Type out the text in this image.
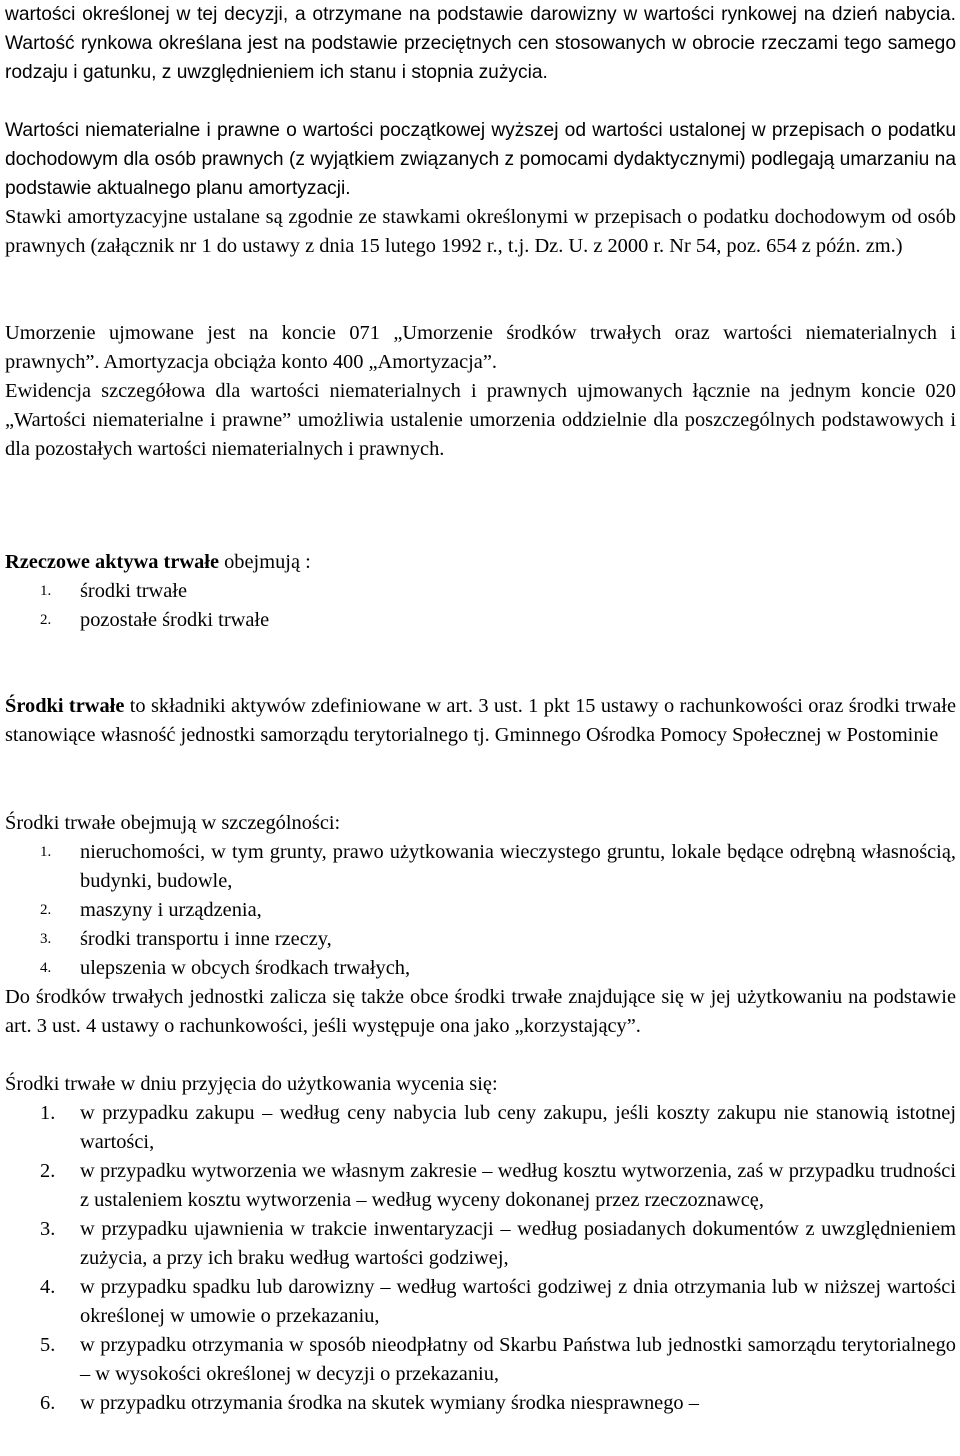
wartości określonej w tej decyzji, a otrzymane na podstawie darowizny w wartości rynkowej na dzień nabycia. Wartość rynkowa określana jest na podstawie przeciętnych cen stosowanych w obrocie rzeczami tego samego rodzaju i gatunku, z uwzględnieniem ich stanu i stopnia zużycia.

Wartości niematerialne i prawne o wartości początkowej wyższej od wartości ustalonej w przepisach o podatku dochodowym dla osób prawnych (z wyjątkiem związanych z pomocami dydaktycznymi) podlegają umarzaniu na podstawie aktualnego planu amortyzacji.

Stawki amortyzacyjne ustalane są zgodnie ze stawkami określonymi w przepisach o podatku dochodowym od osób prawnych (załącznik nr 1 do ustawy z dnia 15 lutego 1992 r., t.j. Dz. U. z 2000 r. Nr 54, poz. 654 z późn. zm.)

Umorzenie ujmowane jest na koncie 071 „Umorzenie środków trwałych oraz wartości niematerialnych i prawnych”. Amortyzacja obciąża konto 400 „Amortyzacja”.

Ewidencja szczegółowa dla wartości niematerialnych i prawnych ujmowanych łącznie na jednym koncie 020 „Wartości niematerialne i prawne” umożliwia ustalenie umorzenia oddzielnie dla poszczególnych podstawowych i dla pozostałych wartości niematerialnych i prawnych.

Rzeczowe aktywa trwałe obejmują :

1. środki trwałe
2. pozostałe środki trwałe

Środki trwałe to składniki aktywów zdefiniowane w art. 3 ust. 1 pkt 15 ustawy o rachunkowości oraz środki trwałe stanowiące własność jednostki samorządu terytorialnego tj. Gminnego Ośrodka Pomocy Społecznej w Postominie

Środki trwałe obejmują w szczególności:

1. nieruchomości, w tym grunty, prawo użytkowania wieczystego gruntu, lokale będące odrębną własnością, budynki, budowle,
2. maszyny i urządzenia,
3. środki transportu i inne rzeczy,
4. ulepszenia w obcych środkach trwałych,

Do środków trwałych jednostki zalicza się także obce środki trwałe znajdujące się w jej użytkowaniu na podstawie art. 3 ust. 4 ustawy o rachunkowości, jeśli występuje ona jako „korzystający”.

Środki trwałe w dniu przyjęcia do użytkowania wycenia się:

1. w przypadku zakupu – według ceny nabycia lub ceny zakupu, jeśli koszty zakupu nie stanowią istotnej wartości,
2. w przypadku wytworzenia we własnym zakresie – według kosztu wytworzenia, zaś w przypadku trudności z ustaleniem kosztu wytworzenia – według wyceny dokonanej przez rzeczoznawcę,
3. w przypadku ujawnienia w trakcie inwentaryzacji – według posiadanych dokumentów z uwzględnieniem zużycia, a przy ich braku według wartości godziwej,
4. w przypadku spadku lub darowizny – według wartości godziwej z dnia otrzymania lub w niższej wartości określonej w umowie o przekazaniu,
5. w przypadku otrzymania w sposób nieodpłatny od Skarbu Państwa lub jednostki samorządu terytorialnego – w wysokości określonej w decyzji o przekazaniu,
6. w przypadku otrzymania środka na skutek wymiany środka niesprawnego –
